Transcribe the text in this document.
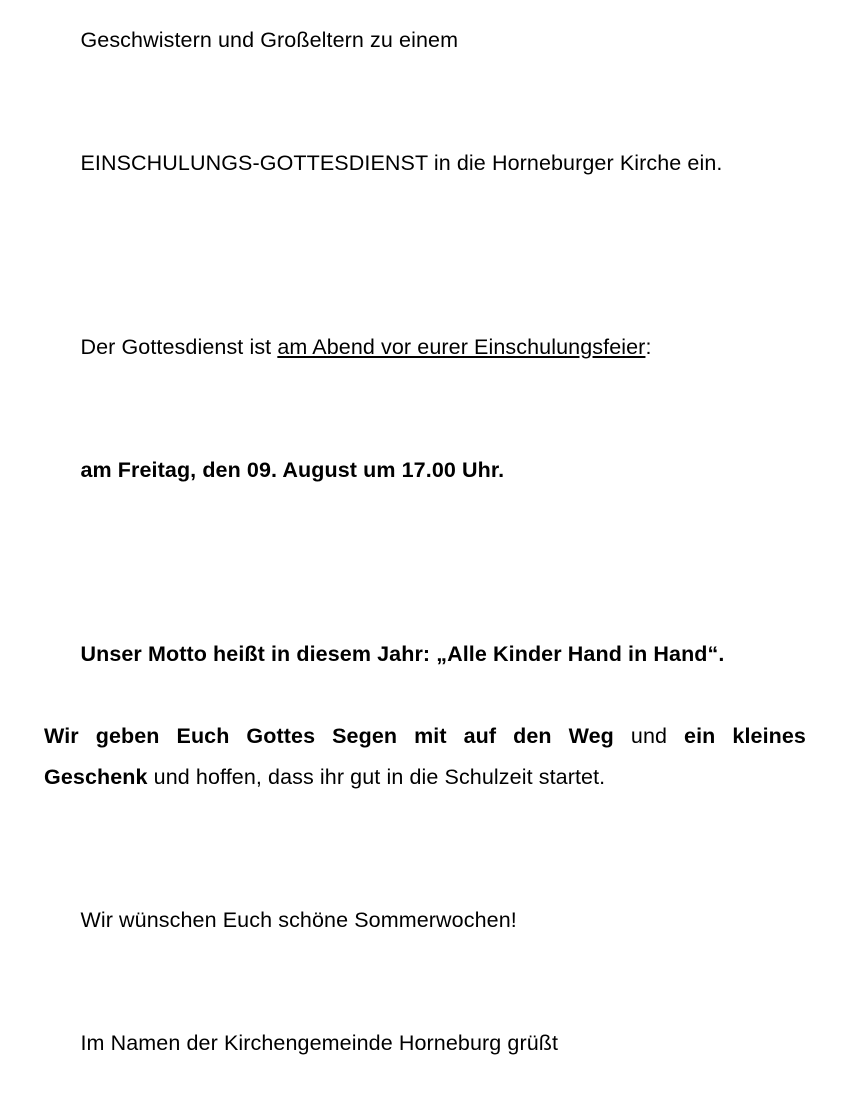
Geschwistern und Großeltern zu einem

EINSCHULUNGS-GOTTESDIENST in die Horneburger Kirche ein.

Der Gottesdienst ist am Abend vor eurer Einschulungsfeier:

am Freitag, den 09. August um 17.00 Uhr.

Unser Motto heißt in diesem Jahr: „Alle Kinder Hand in Hand“.

Wir geben Euch Gottes Segen mit auf den Weg und ein kleines
Geschenk und hoffen, dass ihr gut in die Schulzeit startet.

Wir wünschen Euch schöne Sommerwochen!

Im Namen der Kirchengemeinde Horneburg grüßt
